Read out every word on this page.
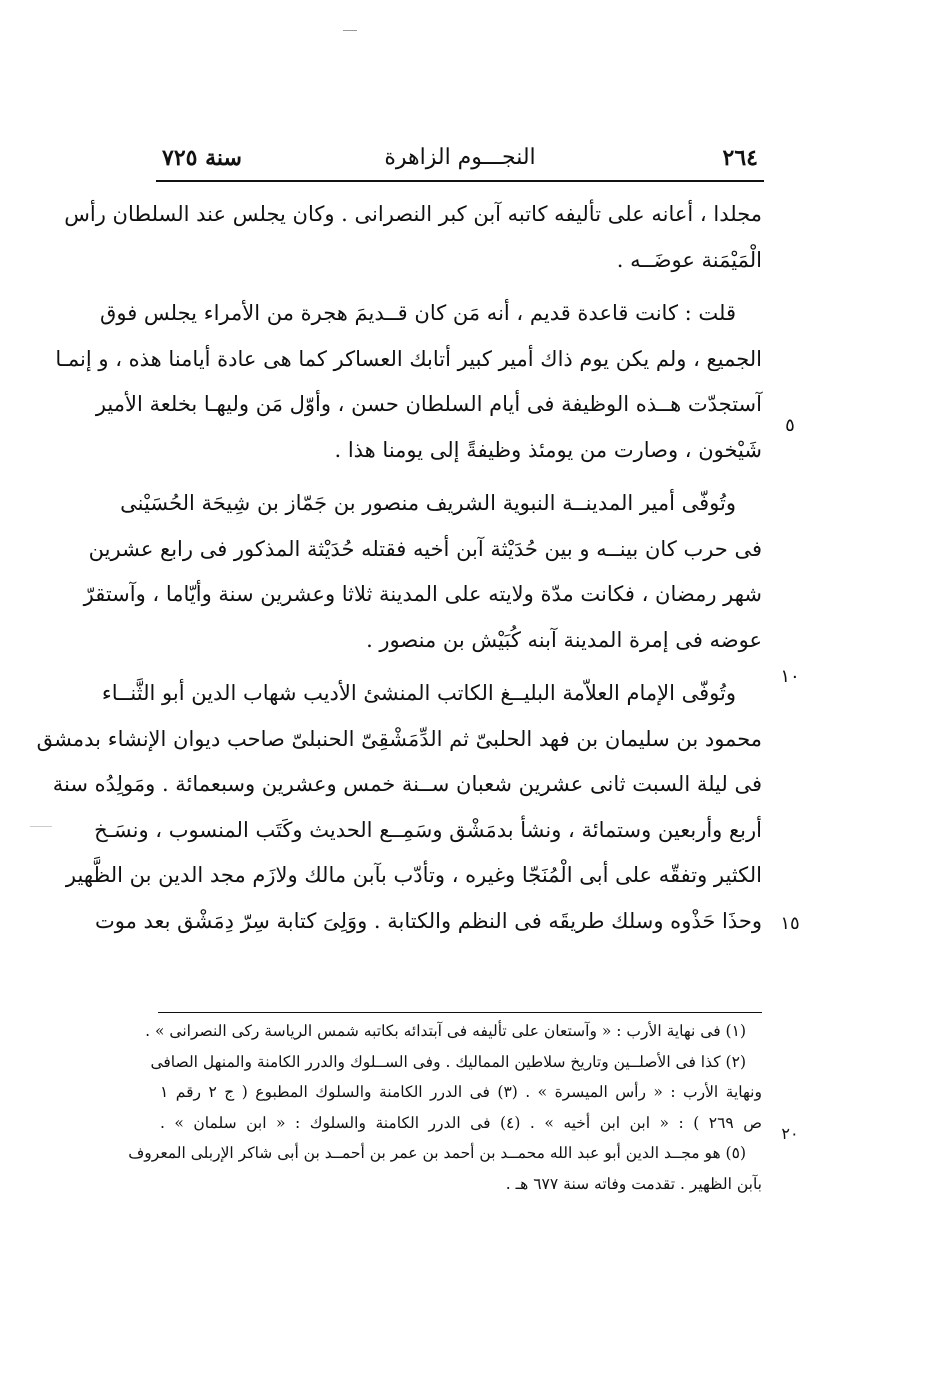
٢٦٤
النجـــوم الزاهرة
سنة ٧٢٥
مجلدا ، أعانه على تأليفه كاتبه آبن كبر النصرانى . وكان يجلس عند السلطان رأس
الْمَيْمَنة عوضَــه .
قلت : كانت قاعدة قديم ، أنه مَن كان قــديمَ هجرة من الأمراء يجلس فوق
الجميع ، ولم يكن يوم ذاك أمير كبير أتابك العساكر كما هى عادة أيامنا هذه ، و إنمـا
آستجدّت هــذه الوظيفة فى أيام السلطان حسن ، وأوّل مَن وليهـا بخلعة الأمير
شَيْخون ، وصارت من يومئذ وظيفةً إلى يومنا هذا .
وتُوفّى أمير المدينــة النبوية الشريف منصور بن جَمّاز بن شِيحَة الحُسَيْنى
فى حرب كان بينــه و بين حُدَيْثة آبن أخيه فقتله حُدَيْثة المذكور فى رابع عشرين
شهر رمضان ، فكانت مدّة ولايته على المدينة ثلاثا وعشرين سنة وأيّاما ، وآستقرّ
عوضه فى إمرة المدينة آبنه كُبَيْش بن منصور .
وتُوفّى الإمام العلاّمة البليــغ الكاتب المنشئ الأديب شهاب الدين أبو الثَّنــاء
محمود بن سليمان بن فهد الحلبىّ ثم الدِّمَشْقِىّ الحنبلىّ صاحب ديوان الإنشاء بدمشق
فى ليلة السبت ثانى عشرين شعبان ســنة خمس وعشرين وسبعمائة . ومَولِدُه سنة
أربع وأربعين وستمائة ، ونشأ بدمَشْق وسَمِــع الحديث وكَتَب المنسوب ، ونسَـخ
الكثير وتفقّه على أبى الْمُنَجّا وغيره ، وتأدّب بآبن مالك ولازَم مجد الدين بن الظَّهير
وحذَا حَذْوه وسلك طريقَه فى النظم والكتابة . ووَلِىَ كتابة سِرّ دِمَشْق بعد موت
٥
١٠
١٥
(١) فى نهاية الأرب : « وآستعان على تأليفه فى آبتدائه بكاتبه شمس الرياسة ركى النصرانى » .
(٢) كذا فى الأصلــين وتاريخ سلاطين المماليك . وفى الســلوك والدرر الكامنة والمنهل الصافى
ونهاية الأرب : « رأس الميسرة » . (٣) فى الدرر الكامنة والسلوك المطبوع ( ج ٢ رقم ١
ص ٢٦٩ ) : « ابن ابن أخيه » . (٤) فى الدرر الكامنة والسلوك : « ابن سلمان » .
(٥) هو مجــد الدين أبو عبد الله محمــد بن أحمد بن عمر بن أحمــد بن أبى شاكر الإربلى المعروف
بآبن الظهير . تقدمت وفاته سنة ٦٧٧ هـ .
٢٠
